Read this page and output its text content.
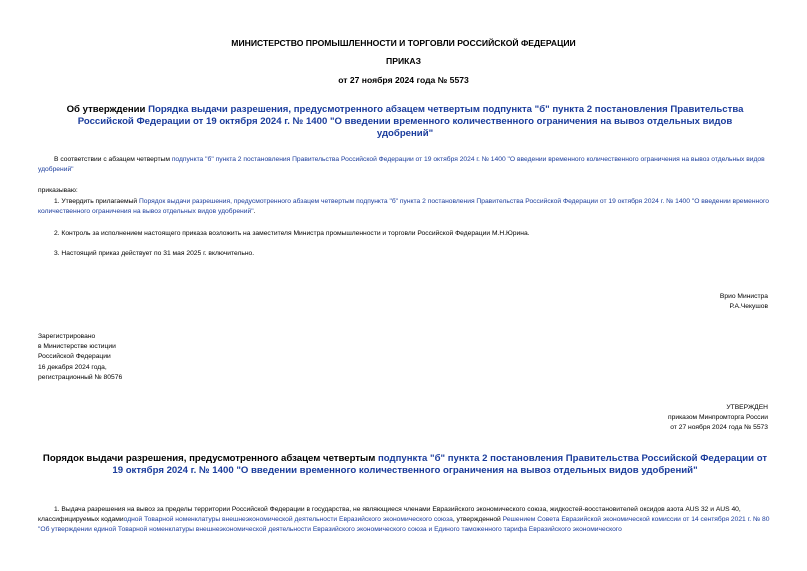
МИНИСТЕРСТВО ПРОМЫШЛЕННОСТИ И ТОРГОВЛИ РОССИЙСКОЙ ФЕДЕРАЦИИ
ПРИКАЗ
от 27 ноября 2024 года № 5573
Об утверждении Порядка выдачи разрешения, предусмотренного абзацем четвертым подпункта "б" пункта 2 постановления Правительства Российской Федерации от 19 октября 2024 г. № 1400 "О введении временного количественного ограничения на вывоз отдельных видов удобрений"
В соответствии с абзацем четвертым подпункта "б" пункта 2 постановления Правительства Российской Федерации от 19 октября 2024 г. № 1400 "О введении временного количественного ограничения на вывоз отдельных видов удобрений"
приказываю:
1. Утвердить прилагаемый Порядок выдачи разрешения, предусмотренного абзацем четвертым подпункта "б" пункта 2 постановления Правительства Российской Федерации от 19 октября 2024 г. № 1400 "О введении временного количественного ограничения на вывоз отдельных видов удобрений".
2. Контроль за исполнением настоящего приказа возложить на заместителя Министра промышленности и торговли Российской Федерации М.Н.Юрина.
3. Настоящий приказ действует по 31 мая 2025 г. включительно.
Врио Министра
Р.А.Чекушов
Зарегистрировано
в Министерстве юстиции
Российской Федерации
16 декабря 2024 года,
регистрационный № 80576
УТВЕРЖДЕН
приказом Минпромторга России
от 27 ноября 2024 года № 5573
Порядок выдачи разрешения, предусмотренного абзацем четвертым подпункта "б" пункта 2 постановления Правительства Российской Федерации от 19 октября 2024 г. № 1400 "О введении временного количественного ограничения на вывоз отдельных видов удобрений"
1. Выдача разрешения на вывоз за пределы территории Российской Федерации в государства, не являющиеся членами Евразийского экономического союза, жидкостей-восстановителей оксидов азота AUS 32 и AUS 40, классифицируемых кодамиодной Товарной номенклатуры внешнеэкономической деятельности Евразийского экономического союза, утвержденной Решением Совета Евразийской экономической комиссии от 14 сентября 2021 г. № 80 "Об утверждении единой Товарной номенклатуры внешнеэкономической деятельности Евразийского экономического союза и Единого таможенного тарифа Евразийского экономического
